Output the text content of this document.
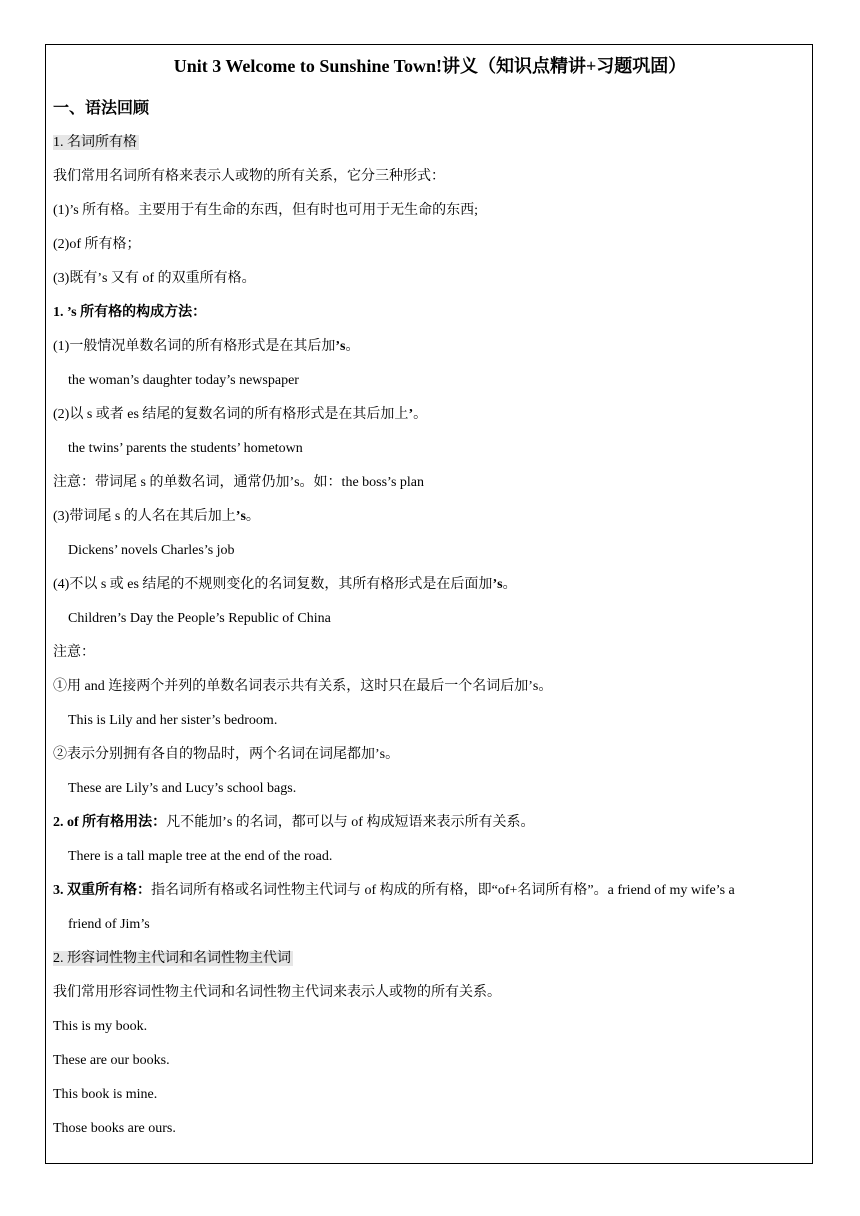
Unit 3 Welcome to Sunshine Town!讲义（知识点精讲+习题巩固）
一、语法回顾
1. 名词所有格
我们常用名词所有格来表示人或物的所有关系，它分三种形式：
(1)’s 所有格。主要用于有生命的东西，但有时也可用于无生命的东西;
(2)of 所有格；
(3)既有’s 又有 of 的双重所有格。
1. ’s 所有格的构成方法：
(1)一般情况单数名词的所有格形式是在其后加’s。
the woman’s daughter today’s newspaper
(2)以 s 或者 es 结尾的复数名词的所有格形式是在其后加上’。
the twins’ parents the students’ hometown
注意：带词尾 s 的单数名词，通常仍加’s。如：the boss’s plan
(3)带词尾 s 的人名在其后加上’s。
Dickens’ novels Charles’s job
(4)不以 s 或 es 结尾的不规则变化的名词复数，其所有格形式是在后面加’s。
Children’s Day the People’s Republic of China
注意：
①用 and 连接两个并列的单数名词表示共有关系，这时只在最后一个名词后加’s。
This is Lily and her sister’s bedroom.
②表示分别拥有各自的物品时，两个名词在词尾都加’s。
These are Lily’s and Lucy’s school bags.
2. of 所有格用法：凡不能加’s 的名词，都可以与 of 构成短语来表示所有关系。
There is a tall maple tree at the end of the road.
3. 双重所有格：指名词所有格或名词性物主代词与 of 构成的所有格，即“of+名词所有格”。a friend of my wife’s a
friend of Jim’s
2. 形容词性物主代词和名词性物主代词
我们常用形容词性物主代词和名词性物主代词来表示人或物的所有关系。
This is my book.
These are our books.
This book is mine.
Those books are ours.
